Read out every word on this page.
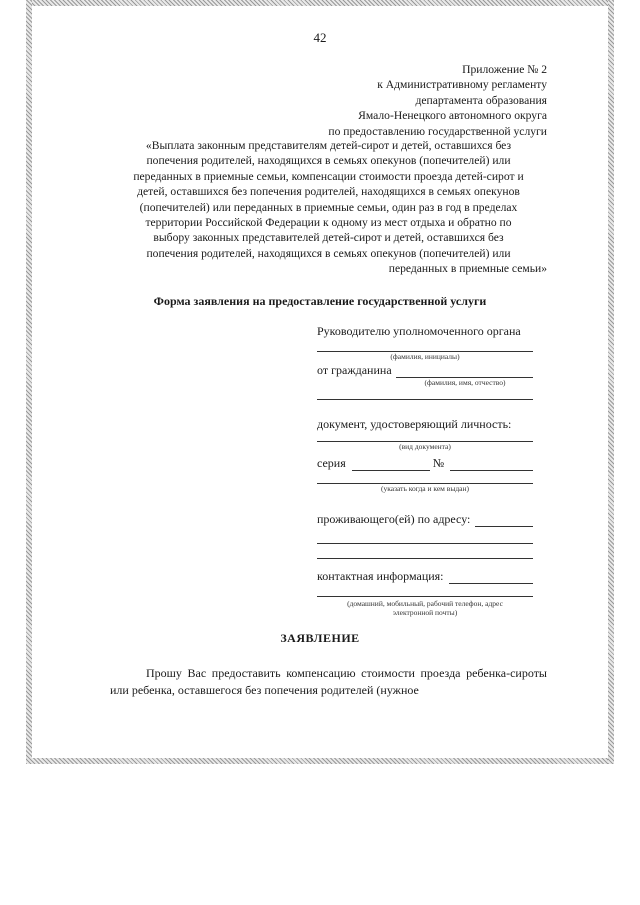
42
Приложение № 2
к Административному регламенту
департамента образования
Ямало-Ненецкого автономного округа
по предоставлению государственной услуги
«Выплата законным представителям детей-сирот и детей, оставшихся без
попечения родителей, находящихся в семьях опекунов (попечителей) или
переданных в приемные семьи, компенсации стоимости проезда детей-сирот и
детей, оставшихся без попечения родителей, находящихся в семьях опекунов
(попечителей) или переданных в приемные семьи, один раз в год в пределах
территории Российской Федерации к одному из мест отдыха и обратно по
выбору законных представителей детей-сирот и детей, оставшихся без
попечения родителей, находящихся в семьях опекунов (попечителей) или
переданных в приемные семьи»
Форма заявления на предоставление государственной услуги
Руководителю уполномоченного органа
(фамилия, инициалы)
от гражданина
(фамилия, имя, отчество)
документ, удостоверяющий личность:
(вид документа)
серия	№
(указать когда и кем выдан)
проживающего(ей) по адресу:
контактная информация:
(домашний, мобильный, рабочий телефон, адрес
электронной почты)
ЗАЯВЛЕНИЕ
Прошу Вас предоставить компенсацию стоимости проезда ребенка-сироты или ребенка, оставшегося без попечения родителей (нужное
